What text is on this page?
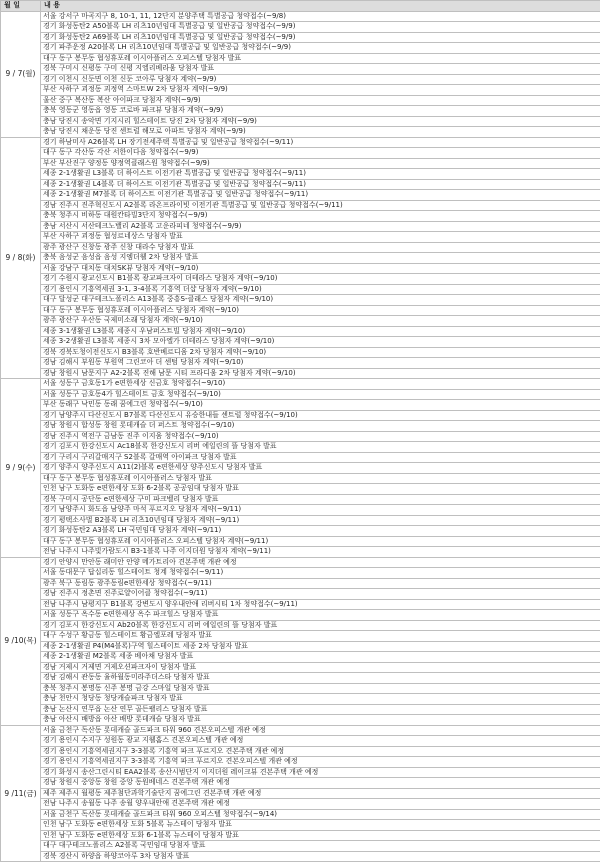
월 일	내 용
9 / 7(월)	서울 강서구 마곡지구 8, 10-1, 11, 12단지 분양주택 특별공급 청약접수(~9/8)
	경기 화성동탄2 A50블록 LH 리츠10년임대 특별공급 및 일반공급 청약접수(~9/9)
	경기 화성동탄2 A69블록 LH 리츠10년임대 특별공급 및 일반공급 청약접수(~9/9)
	경기 파주운정 A20블록 LH 리츠10년임대 특별공급 및 일반공급 청약접수(~9/9)
	대구 동구 봉무동 협성휴포레 이시아플러스 오피스텔 당첨자 발표
	경북 구미시 신평동 구미 신평 지엘리베라움 당첨자 발표
	경기 이천시 신둔면 이천 신둔 코아루 당첨자 계약(~9/9)
	부산 사하구 괴정동 괴정역 스마트W 2차 당첨자 계약(~9/9)
	울산 중구 복산동 복산 아이파크 당첨자 계약(~9/9)
	충북 영동군 영동읍 영동 코로바 파크뷰 당첨자 계약(~9/9)
	충남 당진시 송악면 기지시리 힐스테이트 당진 2차 당첨자 계약(~9/9)
	충남 당진시 채운동 당진 센트럴 해모로 아파트 당첨자 계약(~9/9)
9 / 8(화)	경기 하남미사 A26블록 LH 장기전세주택 특별공급 및 일반공급 청약접수(~9/11)
	대구 동구 각산동 각산 서한이다음 청약접수(~9/9)
	부산 부산진구 양정동 양정역클래스원 청약접수(~9/9)
	세종 2-1생활권 L3블록 더 하이스트 이전기관 특별공급 및 일반공급 청약접수(~9/11)
	세종 2-1생활권 L4블록 더 하이스트 이전기관 특별공급 및 일반공급 청약접수(~9/11)
	세종 2-1생활권 M7블록 더 하이스트 이전기관 특별공급 및 일반공급 청약접수(~9/11)
	경남 진주시 진주혁신도시 A2블록 라온프라이빗 이전기관 특별공급 및 일반공급 청약접수(~9/11)
	충북 청주시 비하동 대원칸타빌3단지 청약접수(~9/9)
	충남 서산시 서산테크노밸리 A2블록 고운라피네 청약접수(~9/9)
	부산 사하구 괴정동 협성르네상스 당첨자 발표
	광주 광산구 신창동 광주 신창 대라수 당첨자 발표
	충북 음성군 음성읍 음성 지엠더웰 2차 당첨자 발표
	서울 강남구 대치동 대치SK뷰 당첨자 계약(~9/10)
	경기 수원시 광교신도시 B1블록 광교파크자이 더테라스 당첨자 계약(~9/10)
	경기 용인시 기흥역세권 3-1, 3-4블록 기흥역 더샵 당첨자 계약(~9/10)
	대구 달성군 대구테크노폴리스 A13블록 중흥S-클래스 당첨자 계약(~9/10)
	대구 동구 봉무동 협성휴포레 이시아플러스 당첨자 계약(~9/10)
	광주 광산구 우산동 국제미소래 당첨자 계약(~9/10)
	세종 3-1생활권 L3블록 세종시 우남퍼스트빌 당첨자 계약(~9/10)
	세종 3-2생활권 L3블록 세종시 3차 모아엘가 더테라스 당첨자 계약(~9/10)
	경북 경북도청이전신도시 B3블록 호반베르디움 2차 당첨자 계약(~9/10)
	경남 김해시 부원동 부원역 그린코아 더 센텀 당첨자 계약(~9/10)
	경남 창원시 남문지구 A2-2블록 진해 남문 시티 프라디움 2차 당첨자 계약(~9/10)
9 / 9(수)	서울 성동구 금호동1가 e편한세상 신금호 청약접수(~9/10)
	서울 성동구 금호동4가 힐스테이트 금호 청약접수(~9/10)
	부산 동래구 낙민동 동래 꿈에그린 청약접수(~9/10)
	경기 남양주시 다산신도시 B7블록 다산신도시 유승한내들 센트럴 청약접수(~9/10)
	경남 창원시 합성동 창원 롯데캐슬 더 퍼스트 청약접수(~9/10)
	경남 진주시 역전구 금남동 진주 이지움 청약접수(~9/10)
	경기 김포시 한강신도시 Ac18블록 한강신도시 리버 에일린의 뜰 당첨자 발표
	경기 구리시 구리갈매지구 S2블록 갈매역 아이파크 당첨자 발표
	경기 양주시 양주신도시 A11(2)블록 e편한세상 양주신도시 당첨자 발표
	대구 동구 봉무동 협성휴포레 이시아플러스 당첨자 발표
	인천 남구 도화동 e편한세상 도화 6-2블록 공공임대 당첨자 발표
	경북 구미시 공단동 e편한세상 구미 파크벨리 당첨자 발표
	경기 남양주시 화도읍 남양주 마석 푸르지오 당첨자 계약(~9/11)
	경기 평택소사벌 B2블록 LH 리츠10년임대 당첨자 계약(~9/11)
	경기 화성동탄2 A3블록 LH 국민임대 당첨자 계약(~9/11)
	대구 동구 봉무동 협성휴포레 이시아플러스 오피스텔 당첨자 계약(~9/11)
	전남 나주시 나주빛가람도시 B3-1블록 나주 이지더원 당첨자 계약(~9/11)
9 /10(목)	경기 안양시 만안동 래미안 안양 메가트리아 견본주택 개관 예정
	서울 동대문구 답십리동 힐스테이트 청계 청약접수(~9/11)
	광주 북구 동림동 광주동림e편한세상 청약접수(~9/11)
	경남 진주시 정촌면 진주로얄이어클 청약접수(~9/11)
	전남 나주시 남평지구 B1블록 강변도시 양우내안애 리버시티 1차 청약접수(~9/11)
	서울 성동구 옥수동 e편한세상 옥수 파크힐스 당첨자 발표
	경기 김포시 한강신도시 Ab20블록 한강신도시 리버 에일린의 뜰 당첨자 발표
	대구 수성구 황금동 힐스테이트 황금엘포레 당첨자 발표
	세종 2-1생활권 P4(M4블록)구역 힐스테이트 세종 2차 당첨자 발표
	세종 2-1생활권 M2블록 세종 베아채 당첨자 발표
	경남 거제시 거제면 거제오션파크자이 당첨자 발표
	경남 김해시 관동동 율하월동미라주더스타 당첨자 발표
	충북 청주시 봉명동 신주 봉명 금강 스마일 당첨자 발표
	충남 천안시 청당동 청당캐슬파크 당첨자 발표
	충남 논산시 연무읍 논산 연무 골든팰리스 당첨자 발표
	충남 아산시 배방읍 아산 배방 롯데캐슬 당첨자 발표
9 /11(금)	서울 금천구 독산동 롯데캐슬 골드파크 타워 960 견본오피스텔 개관 예정
	경기 용인시 수지구 성원동 광교 지웰홈스 견본오피스텔 개관 예정
	경기 용인시 기흥역세권지구 3-3블록 기흥역 파크 푸르지오 견본주택 개관 예정
	경기 용인시 기흥역세권지구 3-3블록 기흥역 파크 푸르지오 견본오피스텔 개관 예정
	경기 화성시 송산그린시티 EAA2블록 송산시범단지 이지더원 레이크뷰 견본주택 개관 예정
	경남 창원시 중앙동 창원 중앙 동원베네스 견본주택 개관 예정
	제주 제주시 월평동 제주첨단과학기술단지 꿈에그린 견본주택 개관 예정
	전남 나주시 송월동 나주 송월 양우내안애 견본주택 개관 예정
	서울 금천구 독산동 롯데캐슬 골드파크 타워 960 오피스텔 청약접수(~9/14)
	인천 남구 도화동 e편한세상 도화 5블록 뉴스테이 당첨자 발표
	인천 남구 도화동 e편한세상 도화 6-1블록 뉴스테이 당첨자 발표
	대구 대구테크노폴리스 A2블록 국민임대 당첨자 발표
	경북 경산시 하양읍 하양코아루 3차 당첨자 발표
